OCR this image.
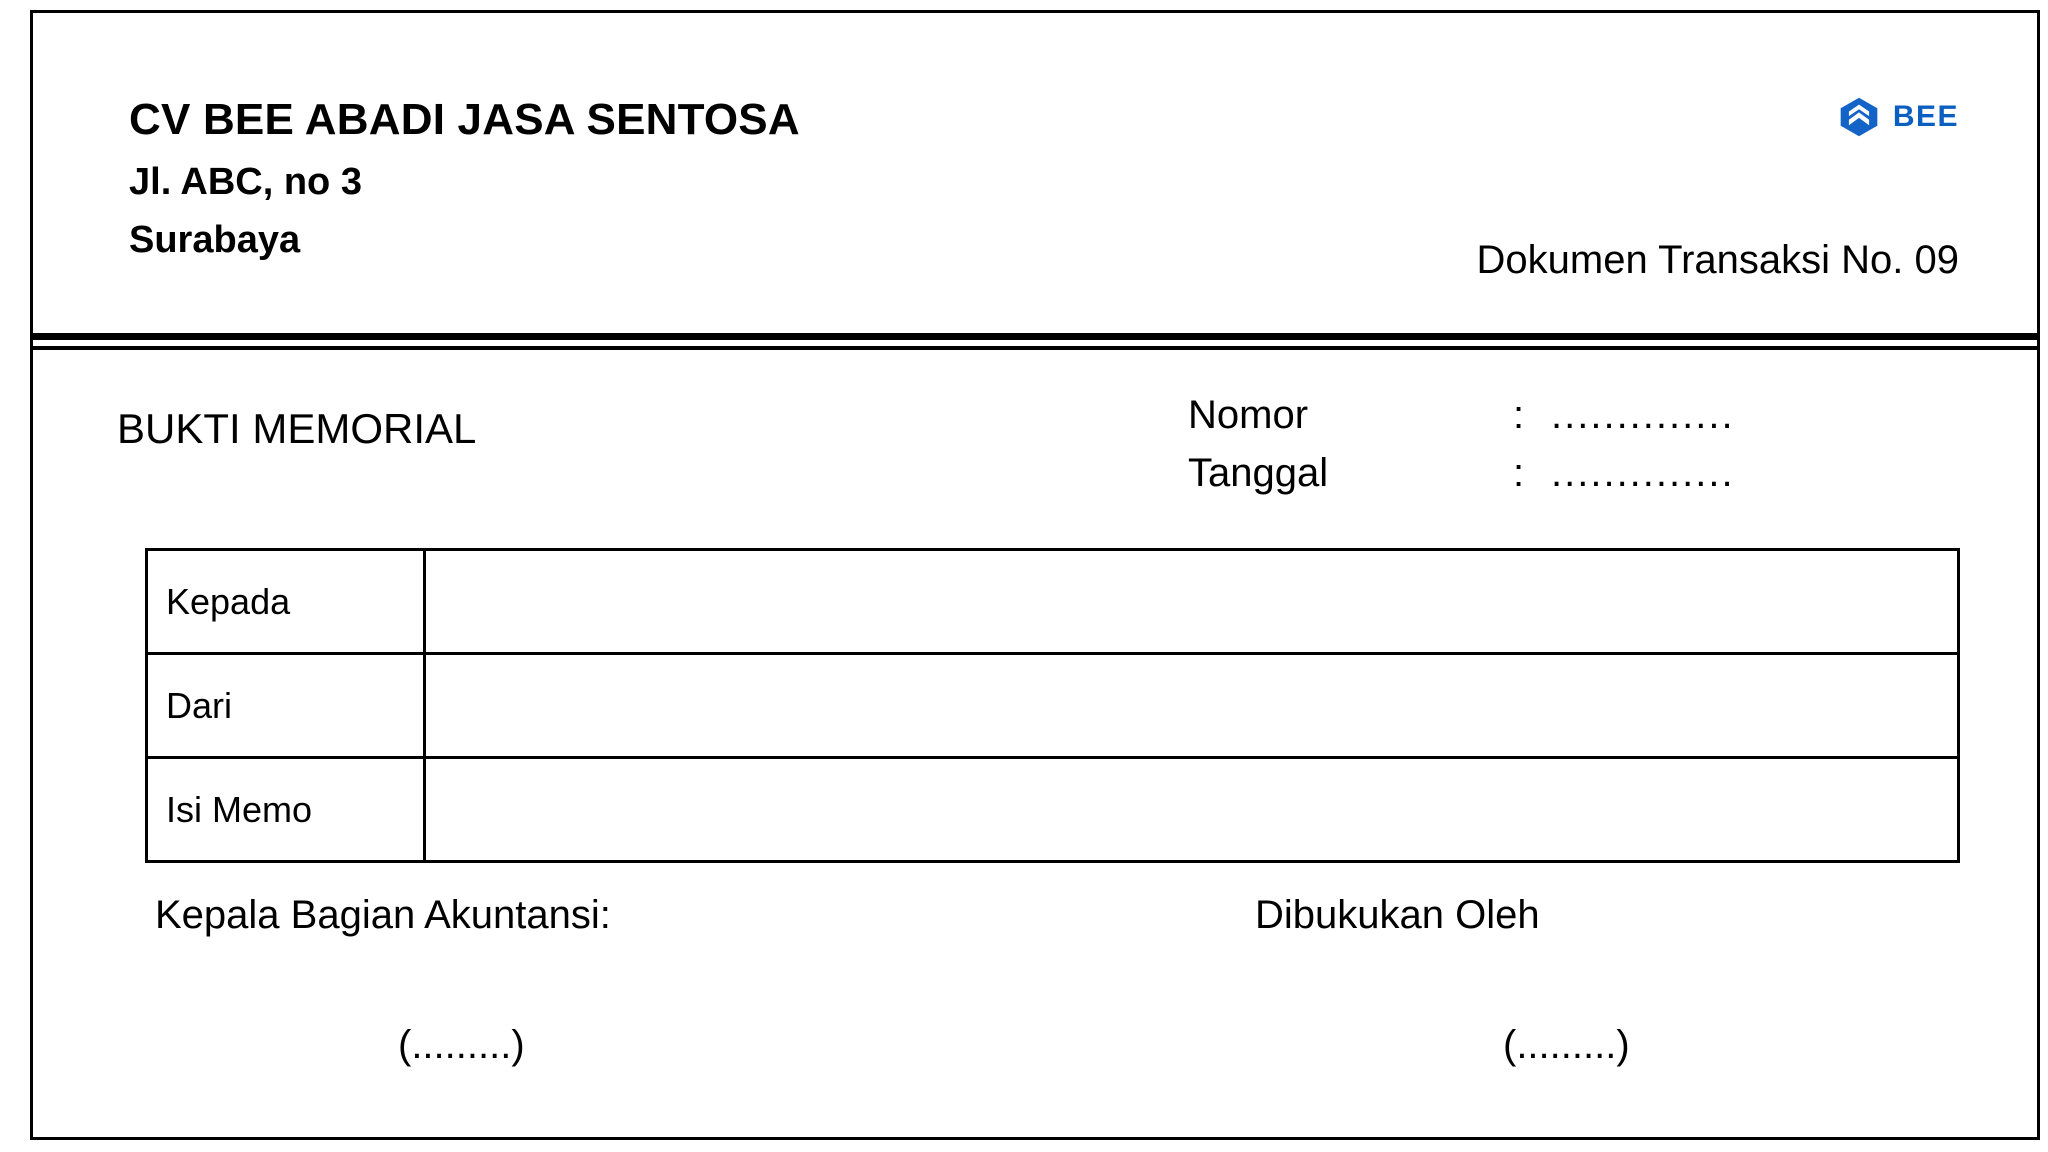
CV BEE ABADI JASA SENTOSA
Jl. ABC, no 3
Surabaya
BEE
Dokumen Transaksi No. 09
BUKTI MEMORIAL	Nomor	: ..............
Tanggal	: ..............
Kepada	
Dari	
Isi Memo	
Kepala Bagian Akuntansi:	Dibukukan Oleh
(.........)	(.........)
